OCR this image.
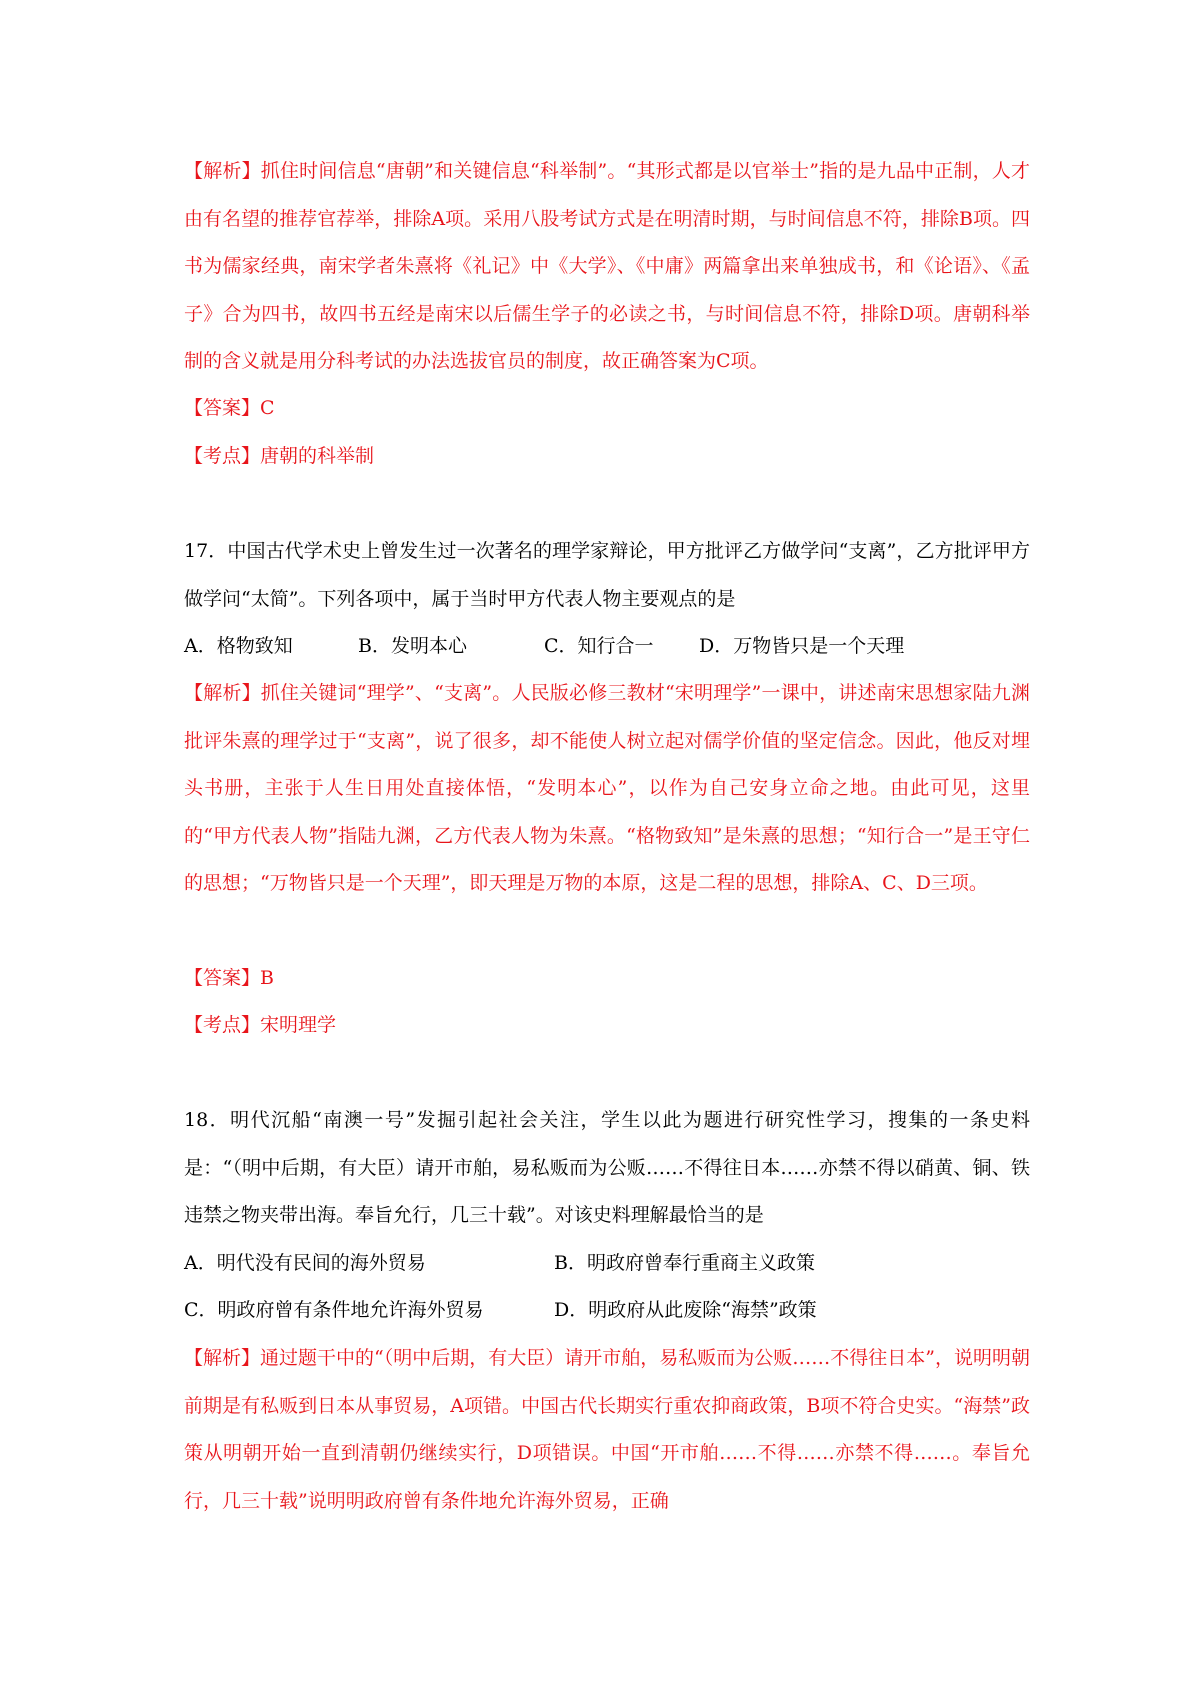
【解析】抓住时间信息“唐朝”和关键信息“科举制”。“其形式都是以官举士”指的是九品中正制，人才由有名望的推荐官荐举，排除A项。采用八股考试方式是在明清时期，与时间信息不符，排除B项。四书为儒家经典，南宋学者朱熹将《礼记》中《大学》、《中庸》两篇拿出来单独成书，和《论语》、《孟子》合为四书，故四书五经是南宋以后儒生学子的必读之书，与时间信息不符，排除D项。唐朝科举制的含义就是用分科考试的办法选拔官员的制度，故正确答案为C项。

【答案】C

【考点】唐朝的科举制

17．中国古代学术史上曾发生过一次著名的理学家辩论，甲方批评乙方做学问“支离”，乙方批评甲方做学问“太简”。下列各项中，属于当时甲方代表人物主要观点的是

A．格物致知	B．发明本心	C．知行合一 D．万物皆只是一个天理

【解析】抓住关键词“理学”、“支离”。人民版必修三教材“宋明理学”一课中，讲述南宋思想家陆九渊批评朱熹的理学过于“支离”，说了很多，却不能使人树立起对儒学价值的坚定信念。因此，他反对埋头书册，主张于人生日用处直接体悟，“发明本心”，以作为自己安身立命之地。由此可见，这里的“甲方代表人物”指陆九渊，乙方代表人物为朱熹。“格物致知”是朱熹的思想；“知行合一”是王守仁的思想；“万物皆只是一个天理”，即天理是万物的本原，这是二程的思想，排除A、C、D三项。

【答案】B

【考点】宋明理学

18．明代沉船“南澳一号”发掘引起社会关注，学生以此为题进行研究性学习，搜集的一条史料是：“（明中后期，有大臣）请开市舶，易私贩而为公贩……不得往日本……亦禁不得以硝黄、铜、铁违禁之物夹带出海。奉旨允行，几三十载”。对该史料理解最恰当的是

A．明代没有民间的海外贸易	B．明政府曾奉行重商主义政策
C．明政府曾有条件地允许海外贸易	D．明政府从此废除“海禁”政策

【解析】通过题干中的“（明中后期，有大臣）请开市舶，易私贩而为公贩……不得往日本”，说明明朝前期是有私贩到日本从事贸易，A项错。中国古代长期实行重农抑商政策，B项不符合史实。“海禁”政策从明朝开始一直到清朝仍继续实行，D项错误。中国“开市舶……不得……亦禁不得……。奉旨允行，几三十载”说明明政府曾有条件地允许海外贸易，正确
